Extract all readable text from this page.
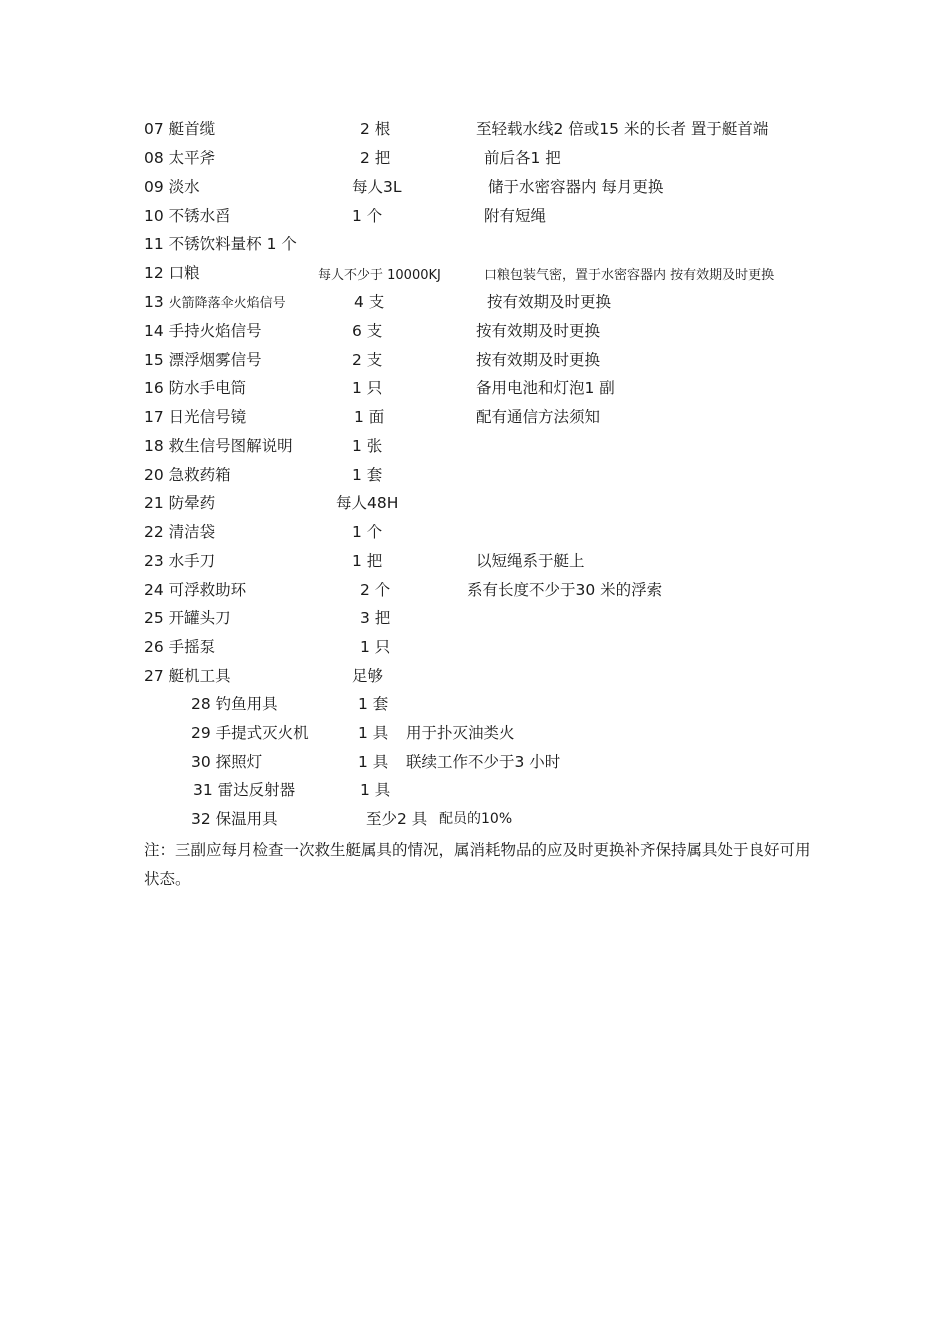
07 艇首缆	2 根	至轻载水线2 倍或15 米的长者 置于艇首端
08 太平斧	2 把	前后各1 把
09 淡水	每人3L	储于水密容器内 每月更换
10 不锈水舀	1 个	附有短绳
11 不锈饮料量杯 1 个
12 口粮	每人不少于 10000KJ	口粮包装气密，置于水密容器内 按有效期及时更换
13 火箭降落伞火焰信号	4 支	按有效期及时更换
14 手持火焰信号	6 支	按有效期及时更换
15 漂浮烟雾信号	2 支	按有效期及时更换
16 防水手电筒	1 只	备用电池和灯泡1 副
17 日光信号镜	1 面	配有通信方法须知
18 救生信号图解说明	1 张
20 急救药箱	1 套
21 防晕药	每人48H
22 清洁袋	1 个
23 水手刀	1 把	以短绳系于艇上
24 可浮救助环	2 个	系有长度不少于30 米的浮索
25 开罐头刀	3 把
26 手摇泵	1 只
27 艇机工具	足够
28 钓鱼用具	1 套
29 手提式灭火机	1 具 用于扑灭油类火
30 探照灯	1 具 联续工作不少于3 小时
31 雷达反射器	1 具
32 保温用具	至少2 具 配员的10%
注：三副应每月检查一次救生艇属具的情况，属消耗物品的应及时更换补齐保持属具处于良好可用状态。
